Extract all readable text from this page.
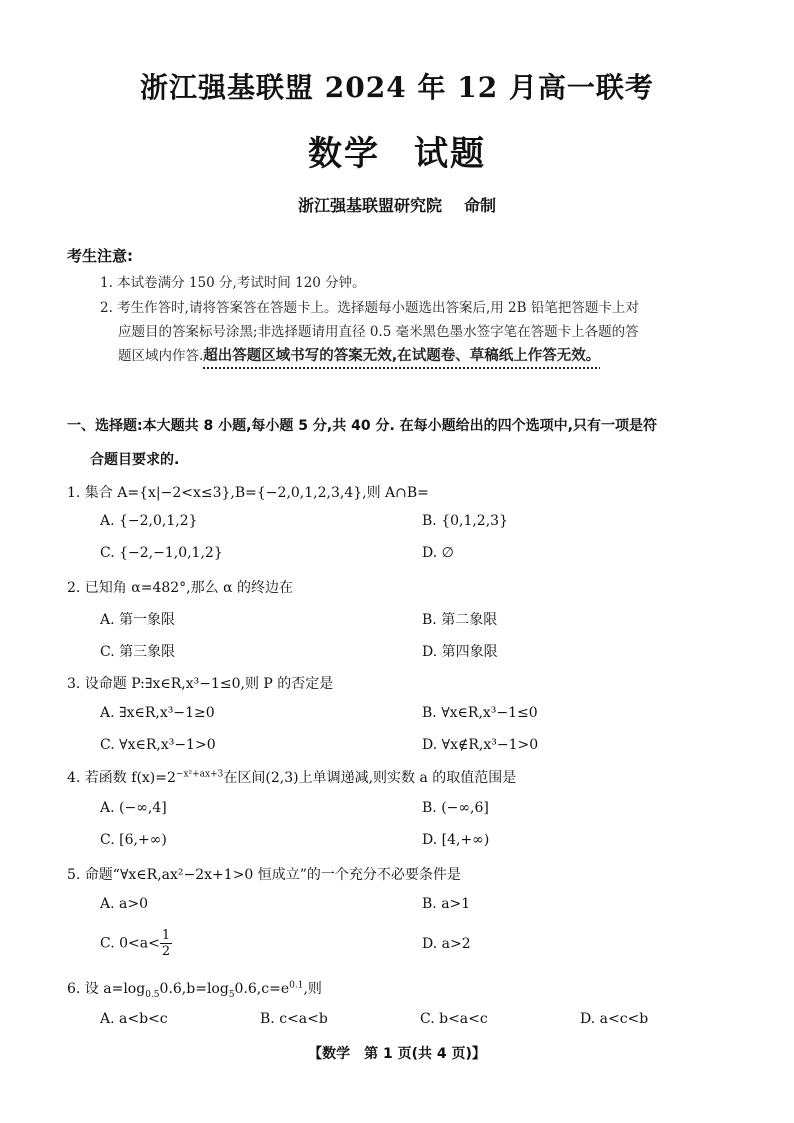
浙江强基联盟 2024 年 12 月高一联考
数学 试题
浙江强基联盟研究院 命制
考生注意:
1. 本试卷满分 150 分,考试时间 120 分钟。
2. 考生作答时,请将答案答在答题卡上。选择题每小题选出答案后,用 2B 铅笔把答题卡上对
应题目的答案标号涂黑;非选择题请用直径 0.5 毫米黑色墨水签字笔在答题卡上各题的答
题区域内作答.超出答题区域书写的答案无效,在试题卷、草稿纸上作答无效。
一、选择题:本大题共 8 小题,每小题 5 分,共 40 分. 在每小题给出的四个选项中,只有一项是符
合题目要求的.
1. 集合 A={x|−2<x≤3},B={−2,0,1,2,3,4},则 A∩B=
A. {−2,0,1,2}	B. {0,1,2,3}
C. {−2,−1,0,1,2}	D. ∅
2. 已知角 α=482°,那么 α 的终边在
A. 第一象限	B. 第二象限
C. 第三象限	D. 第四象限
3. 设命题 P:∃x∈R,x³−1≤0,则 P 的否定是
A. ∃x∈R,x³−1≥0	B. ∀x∈R,x³−1≤0
C. ∀x∈R,x³−1>0	D. ∀x∉R,x³−1>0
4. 若函数 $f(x)=2^{-x^2+ax+3}$在区间(2,3)上单调递减,则实数 a 的取值范围是
A. (−∞,4]	B. (−∞,6]
C. [6,+∞)	D. [4,+∞)
5. 命题“∀x∈R,ax²−2x+1>0 恒成立”的一个充分不必要条件是
A. a>0	B. a>1
C. $0<a< \frac{1}{2}$	D. a>2
6. 设 $a=\log_{0.5}0.6,b=\log_50.6,c=e^{0.1}$,则
A. a<b<c	B. c<a<b	C. b<a<c	D. a<c<b
【数学　第 1 页(共 4 页)】
